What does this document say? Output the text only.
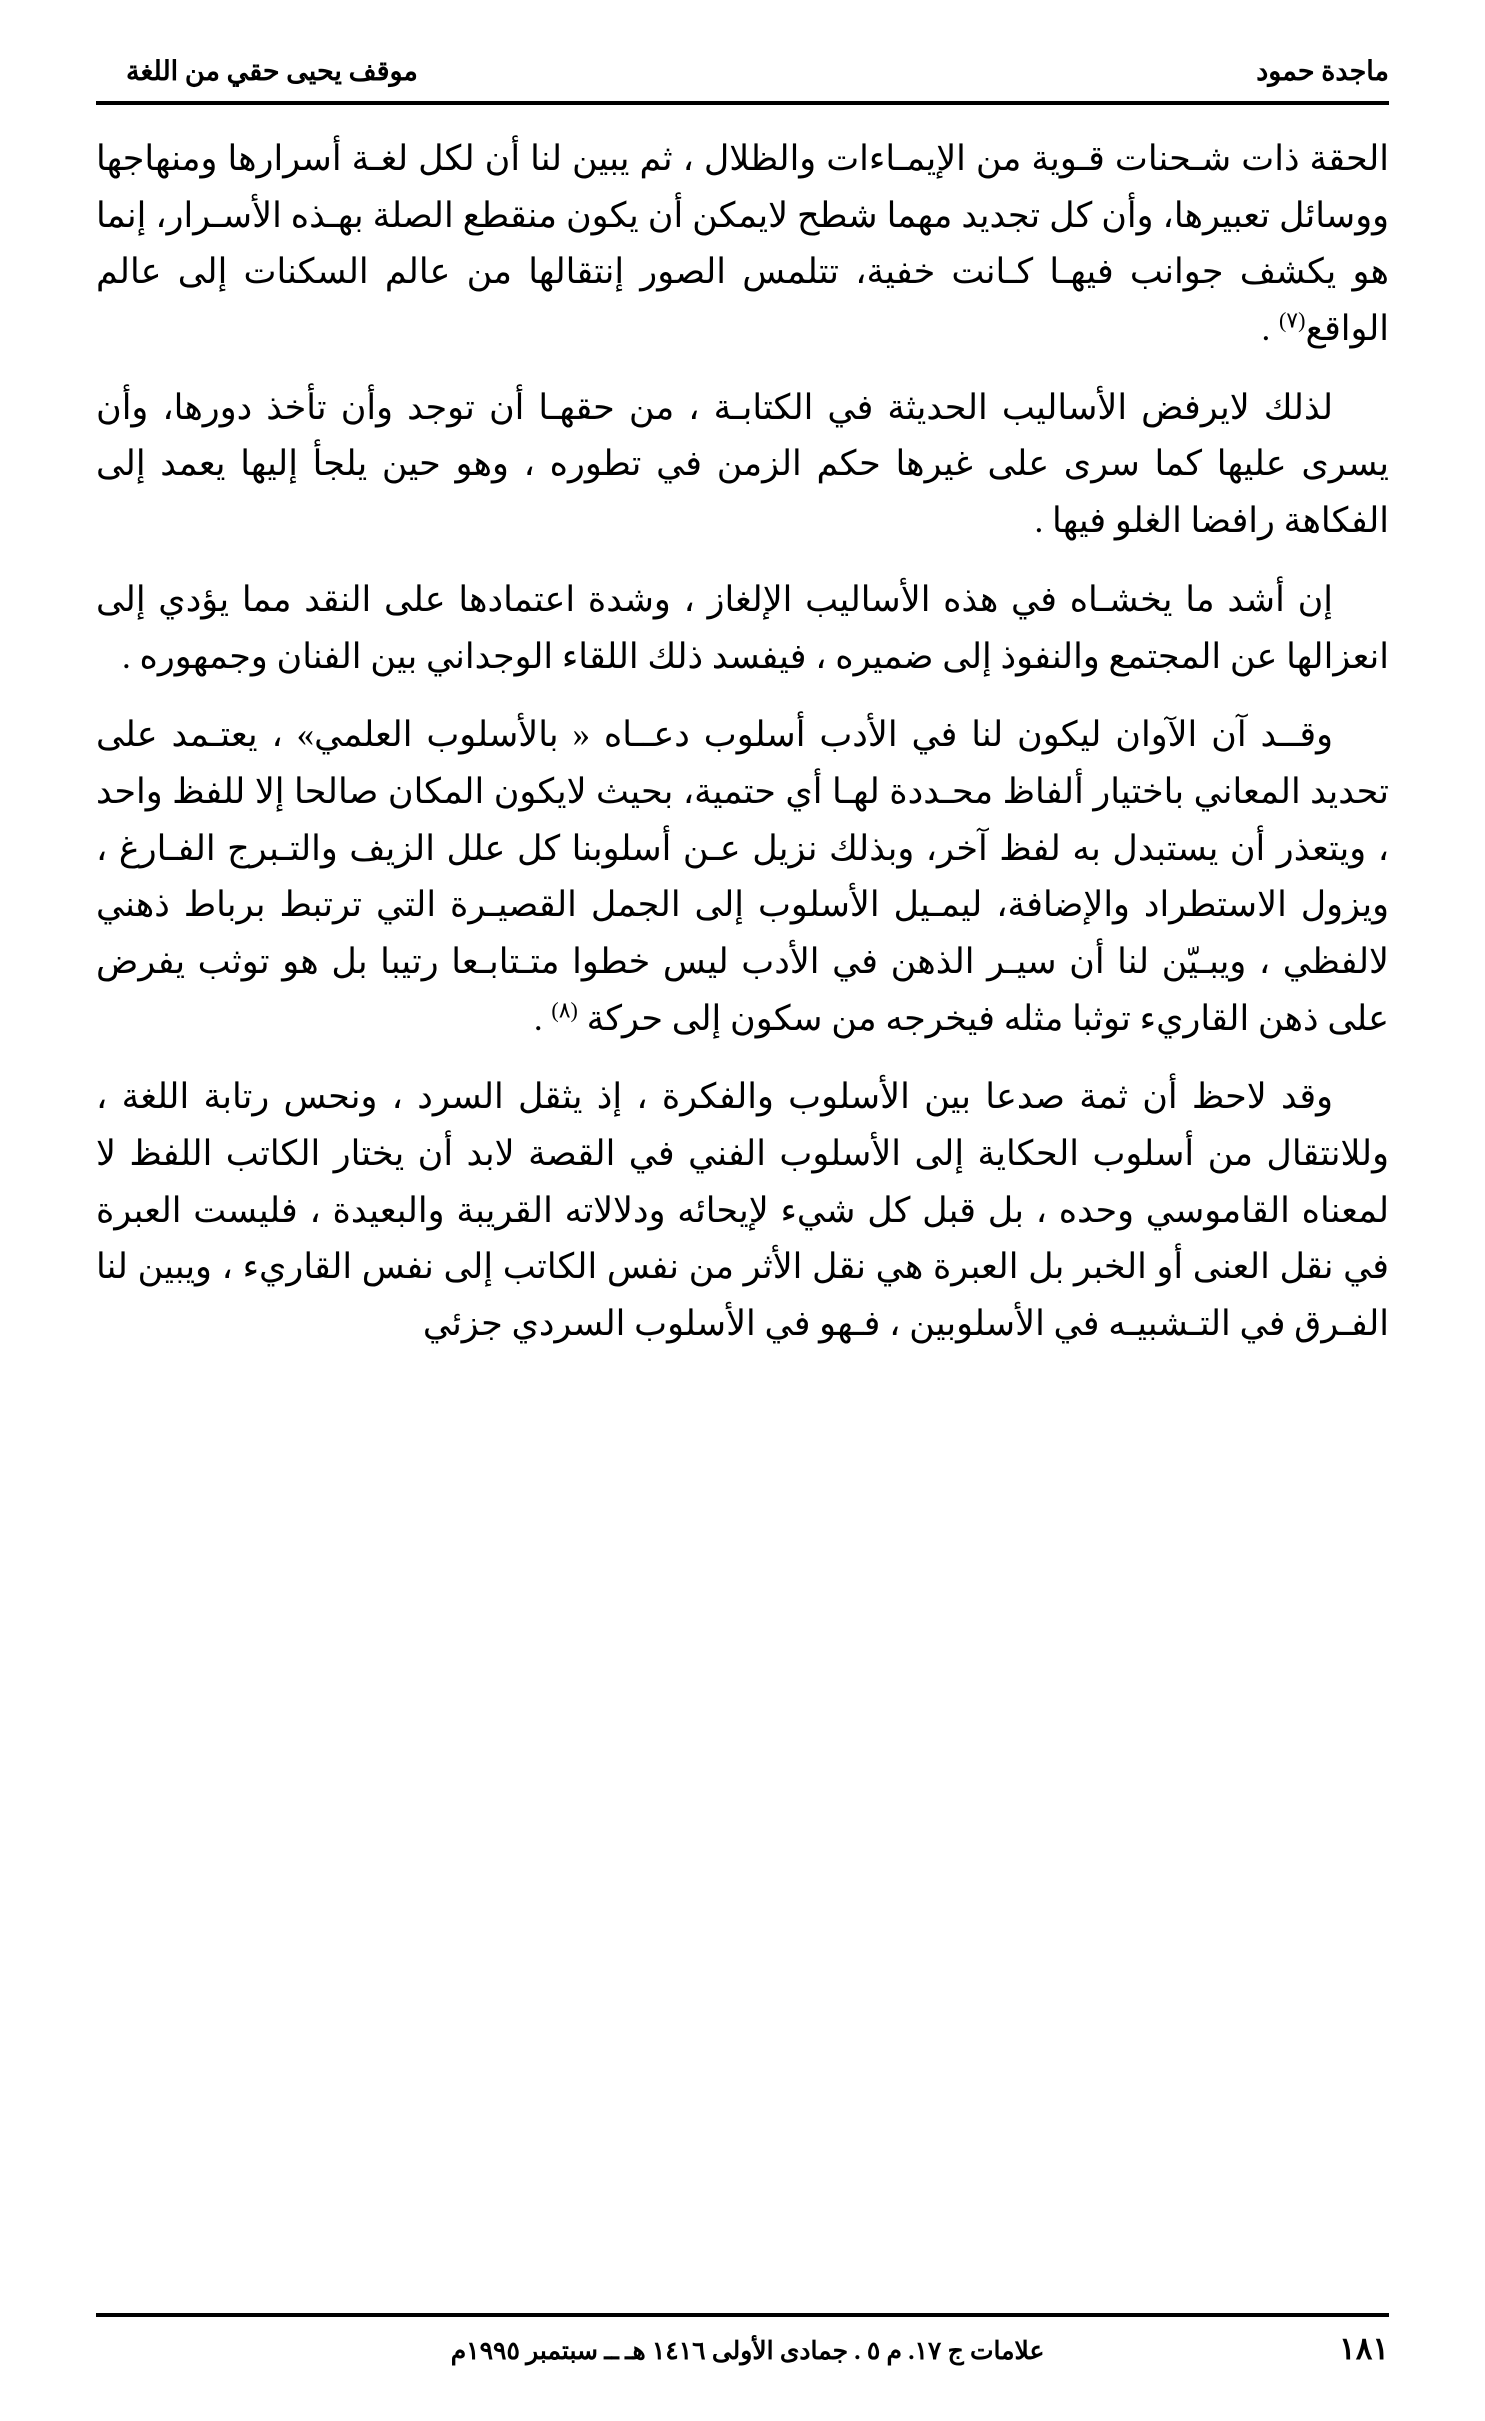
ماجدة حمود
موقف يحيى حقي من اللغة

الحقة ذات شـحنات قـوية من الإيمـاءات والظلال ، ثم يبين لنا أن لكل لغـة أسرارها ومنهاجها ووسائل تعبيرها، وأن كل تجديد مهما شطح لايمكن أن يكون منقطع الصلة بهـذه الأسـرار، إنما هو يكشف جوانب فيهـا كـانت خفية، تتلمس الصور إنتقالها من عالم السكنات إلى عالم الواقع$^{(٧)}$ .

لذلك لايرفض الأساليب الحديثة في الكتابـة ، من حقهـا أن توجد وأن تأخذ دورها، وأن يسرى عليها كما سرى على غيرها حكم الزمن في تطوره ، وهو حين يلجأ إليها يعمد إلى الفكاهة رافضا الغلو فيها .

إن أشد ما يخشـاه في هذه الأساليب الإلغاز ، وشدة اعتمادها على النقد مما يؤدي إلى انعزالها عن المجتمع والنفوذ إلى ضميره ، فيفسد ذلك اللقاء الوجداني بين الفنان وجمهوره .

وقــد آن الآوان ليكون لنا في الأدب أسلوب دعــاه « بالأسلوب العلمي» ، يعتـمد على تحديد المعاني باختيار ألفاظ محـددة لهـا أي حتمية، بحيث لايكون المكان صالحا إلا للفظ واحد ، ويتعذر أن يستبدل به لفظ آخر، وبذلك نزيل عـن أسلوبنا كل علل الزيف والتـبرج الفـارغ ، ويزول الاستطراد والإضافة، ليمـيل الأسلوب إلى الجمل القصيـرة التي ترتبط برباط ذهني لالفظي ، ويبـيّن لنا أن سيـر الذهن في الأدب ليس خطوا متـتابـعا رتيبا بل هو توثب يفرض على ذهن القاريء توثبا مثله فيخرجه من سكون إلى حركة $^{(٨)}$ .

وقد لاحظ أن ثمة صدعا بين الأسلوب والفكرة ، إذ يثقل السرد ، ونحس رتابة اللغة ، وللانتقال من أسلوب الحكاية إلى الأسلوب الفني في القصة لابد أن يختار الكاتب اللفظ لا لمعناه القاموسي وحده ، بل قبل كل شيء لإيحائه ودلالاته القريبة والبعيدة ، فليست العبرة في نقل العنى أو الخبر بل العبرة هي نقل الأثر من نفس الكاتب إلى نفس القاريء ، ويبين لنا الفـرق في التـشبيـه في الأسلوبين ، فـهو في الأسلوب السردي جزئي

١٨١
علامات ج ١٧. م ٥ . جمادى الأولى ١٤١٦ هـ ــ سبتمبر ١٩٩٥م
